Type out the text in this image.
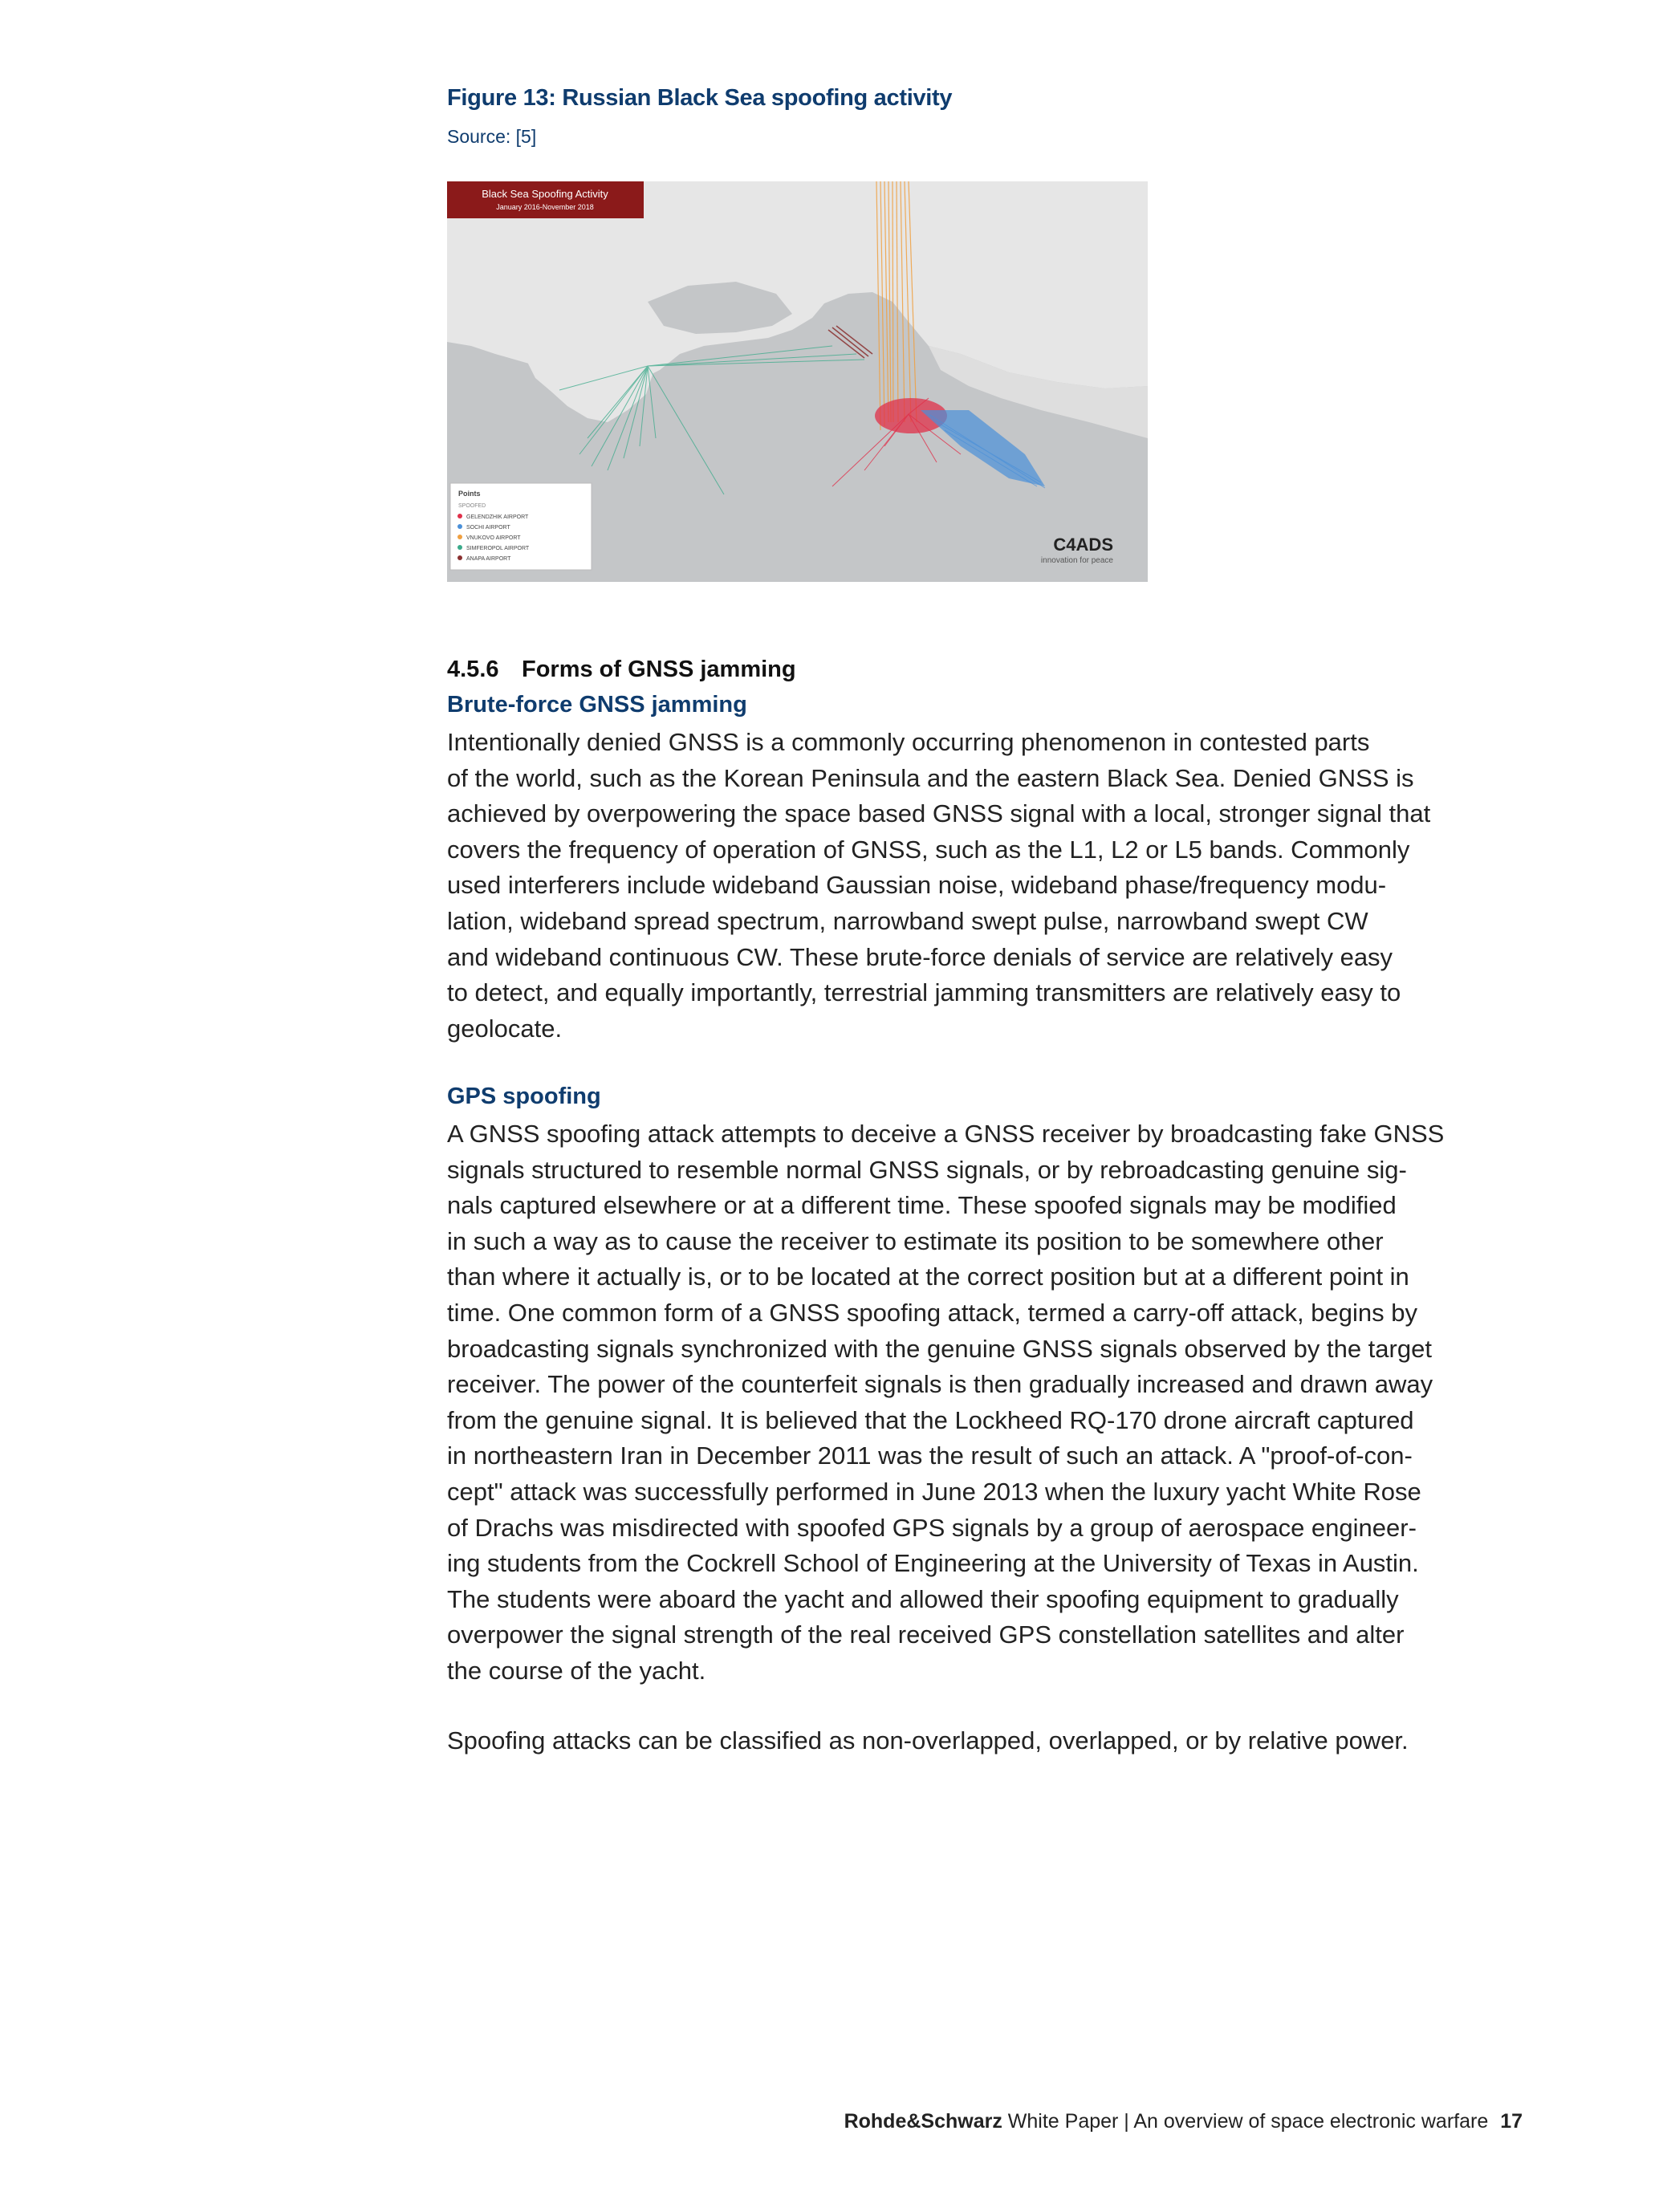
Figure 13: Russian Black Sea spoofing activity
Source: [5]
Black Sea Spoofing Activity
January 2016-November 2018
Points
SPOOFED
GELENDZHIK AIRPORT
SOCHI AIRPORT
VNUKOVO AIRPORT
SIMFEROPOL AIRPORT
ANAPA AIRPORT
C4ADS
innovation for peace
4.5.6 Forms of GNSS jamming
Brute-force GNSS jamming
Intentionally denied GNSS is a commonly occurring phenomenon in contested parts
of the world, such as the Korean Peninsula and the eastern Black Sea. Denied GNSS is
achieved by overpowering the space based GNSS signal with a local, stronger signal that
covers the frequency of operation of GNSS, such as the L1, L2 or L5 bands. Commonly
used interferers include wideband Gaussian noise, wideband phase/frequency modu-
lation, wideband spread spectrum, narrowband swept pulse, narrowband swept CW
and wideband continuous CW. These brute-force denials of service are relatively easy
to detect, and equally importantly, terrestrial jamming transmitters are relatively easy to
geolocate.
GPS spoofing
A GNSS spoofing attack attempts to deceive a GNSS receiver by broadcasting fake GNSS
signals structured to resemble normal GNSS signals, or by rebroadcasting genuine sig-
nals captured elsewhere or at a different time. These spoofed signals may be modified
in such a way as to cause the receiver to estimate its position to be somewhere other
than where it actually is, or to be located at the correct position but at a different point in
time. One common form of a GNSS spoofing attack, termed a carry-off attack, begins by
broadcasting signals synchronized with the genuine GNSS signals observed by the target
receiver. The power of the counterfeit signals is then gradually increased and drawn away
from the genuine signal. It is believed that the Lockheed RQ-170 drone aircraft captured
in northeastern Iran in December 2011 was the result of such an attack. A "proof-of-con-
cept" attack was successfully performed in June 2013 when the luxury yacht White Rose
of Drachs was misdirected with spoofed GPS signals by a group of aerospace engineer-
ing students from the Cockrell School of Engineering at the University of Texas in Austin.
The students were aboard the yacht and allowed their spoofing equipment to gradually
overpower the signal strength of the real received GPS constellation satellites and alter
the course of the yacht.
Spoofing attacks can be classified as non-overlapped, overlapped, or by relative power.
Rohde&Schwarz White Paper | An overview of space electronic warfare 17
